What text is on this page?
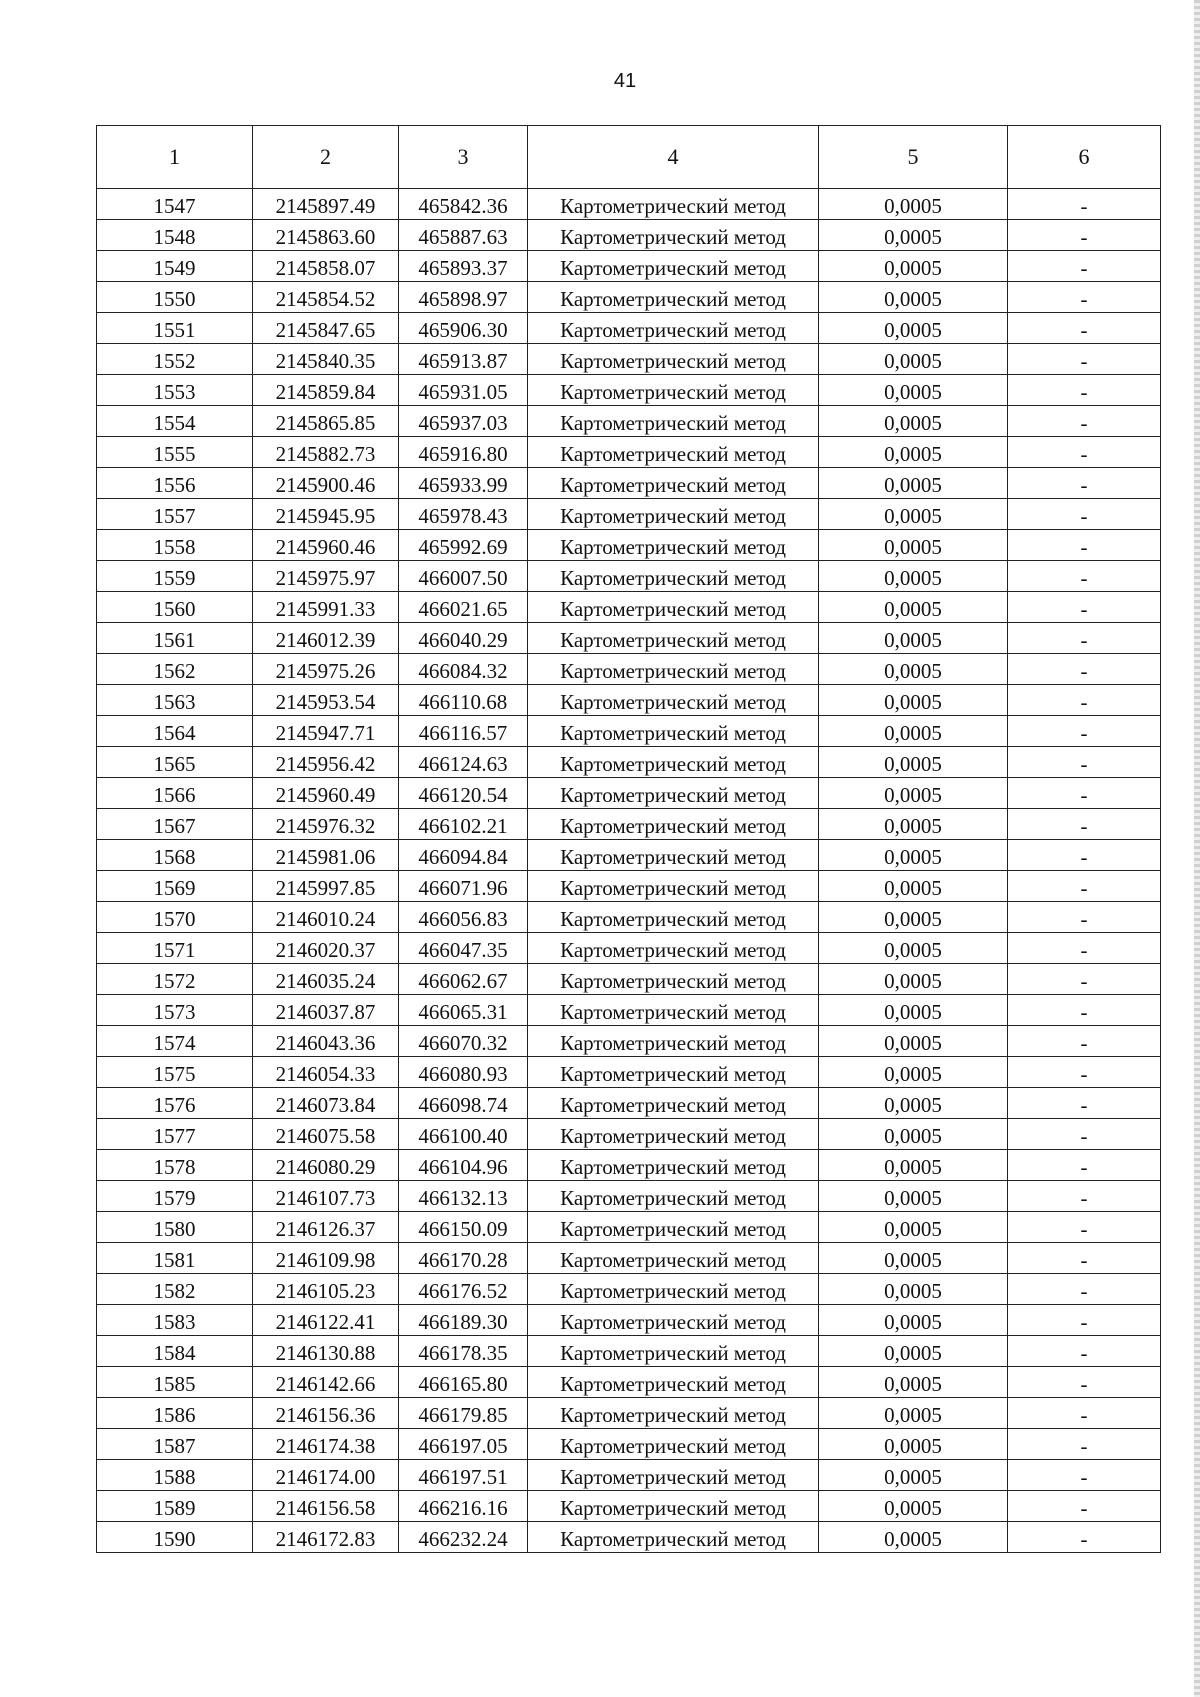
41
1	2	3	4	5	6
1547	2145897.49	465842.36	Картометрический метод	0,0005	-
1548	2145863.60	465887.63	Картометрический метод	0,0005	-
1549	2145858.07	465893.37	Картометрический метод	0,0005	-
1550	2145854.52	465898.97	Картометрический метод	0,0005	-
1551	2145847.65	465906.30	Картометрический метод	0,0005	-
1552	2145840.35	465913.87	Картометрический метод	0,0005	-
1553	2145859.84	465931.05	Картометрический метод	0,0005	-
1554	2145865.85	465937.03	Картометрический метод	0,0005	-
1555	2145882.73	465916.80	Картометрический метод	0,0005	-
1556	2145900.46	465933.99	Картометрический метод	0,0005	-
1557	2145945.95	465978.43	Картометрический метод	0,0005	-
1558	2145960.46	465992.69	Картометрический метод	0,0005	-
1559	2145975.97	466007.50	Картометрический метод	0,0005	-
1560	2145991.33	466021.65	Картометрический метод	0,0005	-
1561	2146012.39	466040.29	Картометрический метод	0,0005	-
1562	2145975.26	466084.32	Картометрический метод	0,0005	-
1563	2145953.54	466110.68	Картометрический метод	0,0005	-
1564	2145947.71	466116.57	Картометрический метод	0,0005	-
1565	2145956.42	466124.63	Картометрический метод	0,0005	-
1566	2145960.49	466120.54	Картометрический метод	0,0005	-
1567	2145976.32	466102.21	Картометрический метод	0,0005	-
1568	2145981.06	466094.84	Картометрический метод	0,0005	-
1569	2145997.85	466071.96	Картометрический метод	0,0005	-
1570	2146010.24	466056.83	Картометрический метод	0,0005	-
1571	2146020.37	466047.35	Картометрический метод	0,0005	-
1572	2146035.24	466062.67	Картометрический метод	0,0005	-
1573	2146037.87	466065.31	Картометрический метод	0,0005	-
1574	2146043.36	466070.32	Картометрический метод	0,0005	-
1575	2146054.33	466080.93	Картометрический метод	0,0005	-
1576	2146073.84	466098.74	Картометрический метод	0,0005	-
1577	2146075.58	466100.40	Картометрический метод	0,0005	-
1578	2146080.29	466104.96	Картометрический метод	0,0005	-
1579	2146107.73	466132.13	Картометрический метод	0,0005	-
1580	2146126.37	466150.09	Картометрический метод	0,0005	-
1581	2146109.98	466170.28	Картометрический метод	0,0005	-
1582	2146105.23	466176.52	Картометрический метод	0,0005	-
1583	2146122.41	466189.30	Картометрический метод	0,0005	-
1584	2146130.88	466178.35	Картометрический метод	0,0005	-
1585	2146142.66	466165.80	Картометрический метод	0,0005	-
1586	2146156.36	466179.85	Картометрический метод	0,0005	-
1587	2146174.38	466197.05	Картометрический метод	0,0005	-
1588	2146174.00	466197.51	Картометрический метод	0,0005	-
1589	2146156.58	466216.16	Картометрический метод	0,0005	-
1590	2146172.83	466232.24	Картометрический метод	0,0005	-
